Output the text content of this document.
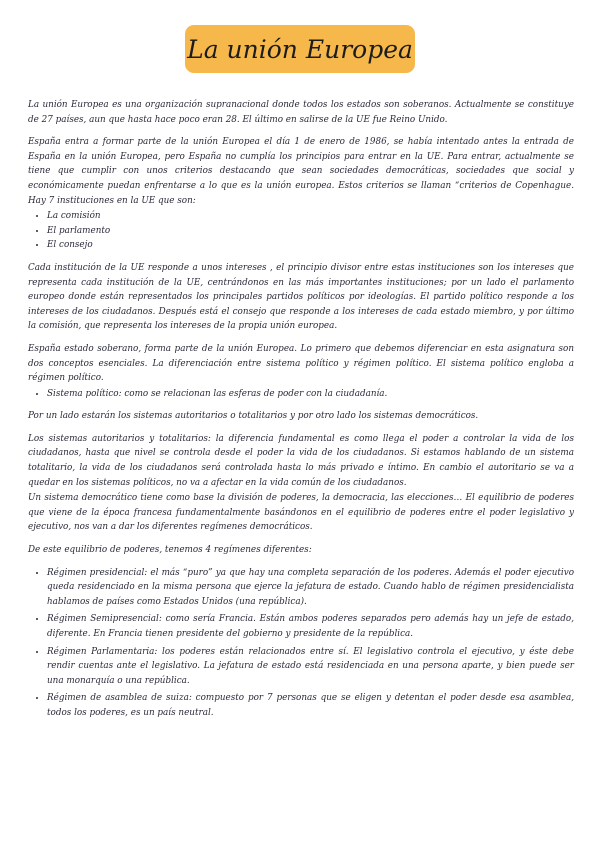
La unión Europea

La unión Europea es una organización supranacional donde todos los estados son soberanos. Actualmente se constituye de 27 países, aun que hasta hace poco eran 28. El último en salirse de la UE fue Reino Unido.

España entra a formar parte de la unión Europea el día 1 de enero de 1986, se había intentado antes la entrada de España en la unión Europea, pero España no cumplía los principios para entrar en la UE. Para entrar, actualmente se tiene que cumplir con unos criterios destacando que sean sociedades democráticas, sociedades que social y económicamente puedan enfrentarse a lo que es la unión europea. Estos criterios se llaman “criterios de Copenhague. Hay 7 instituciones en la UE que son:

• La comisión
• El parlamento
• El consejo

Cada institución de la UE responde a unos intereses , el principio divisor entre estas instituciones son los intereses que representa cada institución de la UE, centrándonos en las más importantes instituciones; por un lado el parlamento europeo donde están representados los principales partidos políticos por ideologías. El partido político responde a los intereses de los ciudadanos. Después está el consejo que responde a los intereses de cada estado miembro, y por último la comisión, que representa los intereses de la propia unión europea.

España estado soberano, forma parte de la unión Europea. Lo primero que debemos diferenciar en esta asignatura son dos conceptos esenciales. La diferenciación entre sistema político y régimen político. El sistema político engloba a régimen político.

• Sistema político: como se relacionan las esferas de poder con la ciudadanía.

Por un lado estarán los sistemas autoritarios o totalitarios y por otro lado los sistemas democráticos.

Los sistemas autoritarios y totalitarios: la diferencia fundamental es como llega el poder a controlar la vida de los ciudadanos, hasta que nivel se controla desde el poder la vida de los ciudadanos. Si estamos hablando de un sistema totalitario, la vida de los ciudadanos será controlada hasta lo más privado e íntimo. En cambio el autoritario se va a quedar en los sistemas políticos, no va a afectar en la vida común de los ciudadanos.

Un sistema democrático tiene como base la división de poderes, la democracia, las elecciones… El equilibrio de poderes que viene de la época francesa fundamentalmente basándonos en el equilibrio de poderes entre el poder legislativo y ejecutivo, nos van a dar los diferentes regímenes democráticos.

De este equilibrio de poderes, tenemos 4 regímenes diferentes:

• Régimen presidencial: el más “puro” ya que hay una completa separación de los poderes. Además el poder ejecutivo queda residenciado en la misma persona que ejerce la jefatura de estado. Cuando hablo de régimen presidencialista hablamos de países como Estados Unidos (una república).
• Régimen Semipresencial: como sería Francia. Están ambos poderes separados pero además hay un jefe de estado, diferente. En Francia tienen presidente del gobierno y presidente de la república.
• Régimen Parlamentaria: los poderes están relacionados entre sí. El legislativo controla el ejecutivo, y éste debe rendir cuentas ante el legislativo. La jefatura de estado está residenciada en una persona aparte, y bien puede ser una monarquía o una república.
• Régimen de asamblea de suiza: compuesto por 7 personas que se eligen y detentan el poder desde esa asamblea, todos los poderes, es un país neutral.
